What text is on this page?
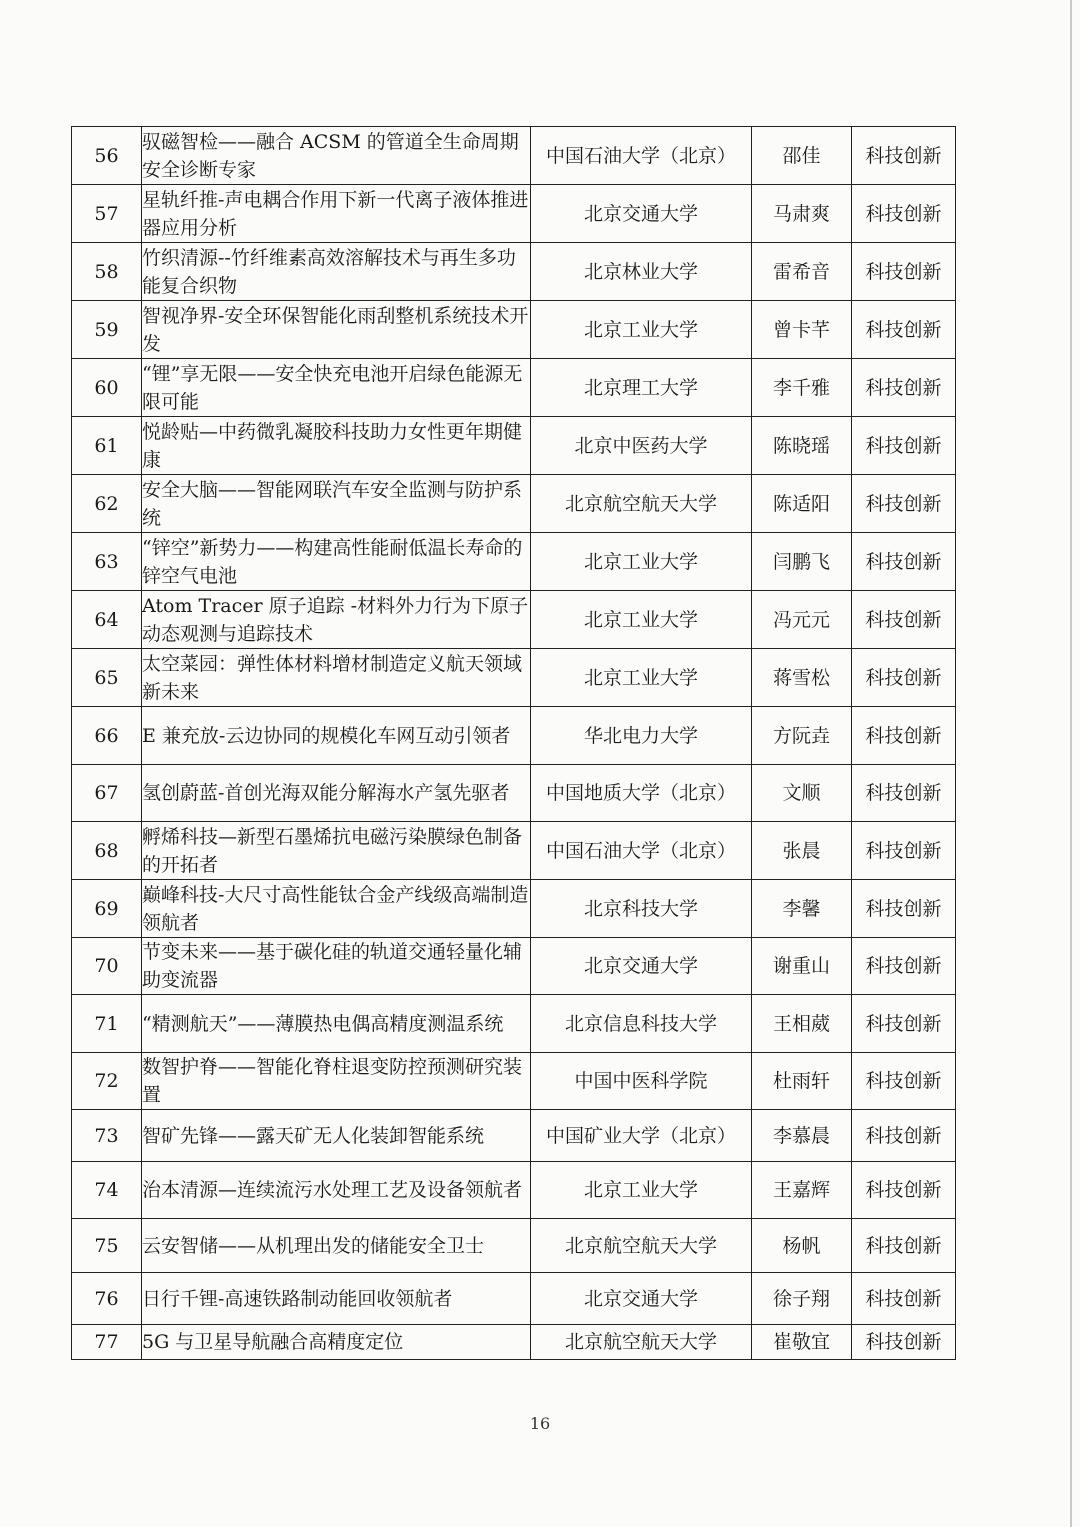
56	驭磁智检——融合 ACSM 的管道全生命周期安全诊断专家	中国石油大学（北京）	邵佳	科技创新
57	星轨纤推-声电耦合作用下新一代离子液体推进器应用分析	北京交通大学	马肃爽	科技创新
58	竹织清源--竹纤维素高效溶解技术与再生多功能复合织物	北京林业大学	雷希音	科技创新
59	智视净界-安全环保智能化雨刮整机系统技术开发	北京工业大学	曾卡芊	科技创新
60	“锂”享无限——安全快充电池开启绿色能源无限可能	北京理工大学	李千雅	科技创新
61	悦龄贴—中药微乳凝胶科技助力女性更年期健康	北京中医药大学	陈晓瑶	科技创新
62	安全大脑——智能网联汽车安全监测与防护系统	北京航空航天大学	陈适阳	科技创新
63	“锌空”新势力——构建高性能耐低温长寿命的锌空气电池	北京工业大学	闫鹏飞	科技创新
64	Atom Tracer 原子追踪 -材料外力行为下原子动态观测与追踪技术	北京工业大学	冯元元	科技创新
65	太空菜园：弹性体材料增材制造定义航天领域新未来	北京工业大学	蒋雪松	科技创新
66	E 兼充放-云边协同的规模化车网互动引领者	华北电力大学	方阮垚	科技创新
67	氢创蔚蓝-首创光海双能分解海水产氢先驱者	中国地质大学（北京）	文顺	科技创新
68	孵烯科技—新型石墨烯抗电磁污染膜绿色制备的开拓者	中国石油大学（北京）	张晨	科技创新
69	巅峰科技-大尺寸高性能钛合金产线级高端制造领航者	北京科技大学	李馨	科技创新
70	节变未来——基于碳化硅的轨道交通轻量化辅助变流器	北京交通大学	谢重山	科技创新
71	“精测航天”——薄膜热电偶高精度测温系统	北京信息科技大学	王相葳	科技创新
72	数智护脊——智能化脊柱退变防控预测研究装置	中国中医科学院	杜雨轩	科技创新
73	智矿先锋——露天矿无人化装卸智能系统	中国矿业大学（北京）	李慕晨	科技创新
74	治本清源—连续流污水处理工艺及设备领航者	北京工业大学	王嘉辉	科技创新
75	云安智储——从机理出发的储能安全卫士	北京航空航天大学	杨帆	科技创新
76	日行千锂-高速铁路制动能回收领航者	北京交通大学	徐子翔	科技创新
77	5G 与卫星导航融合高精度定位	北京航空航天大学	崔敬宜	科技创新
16
